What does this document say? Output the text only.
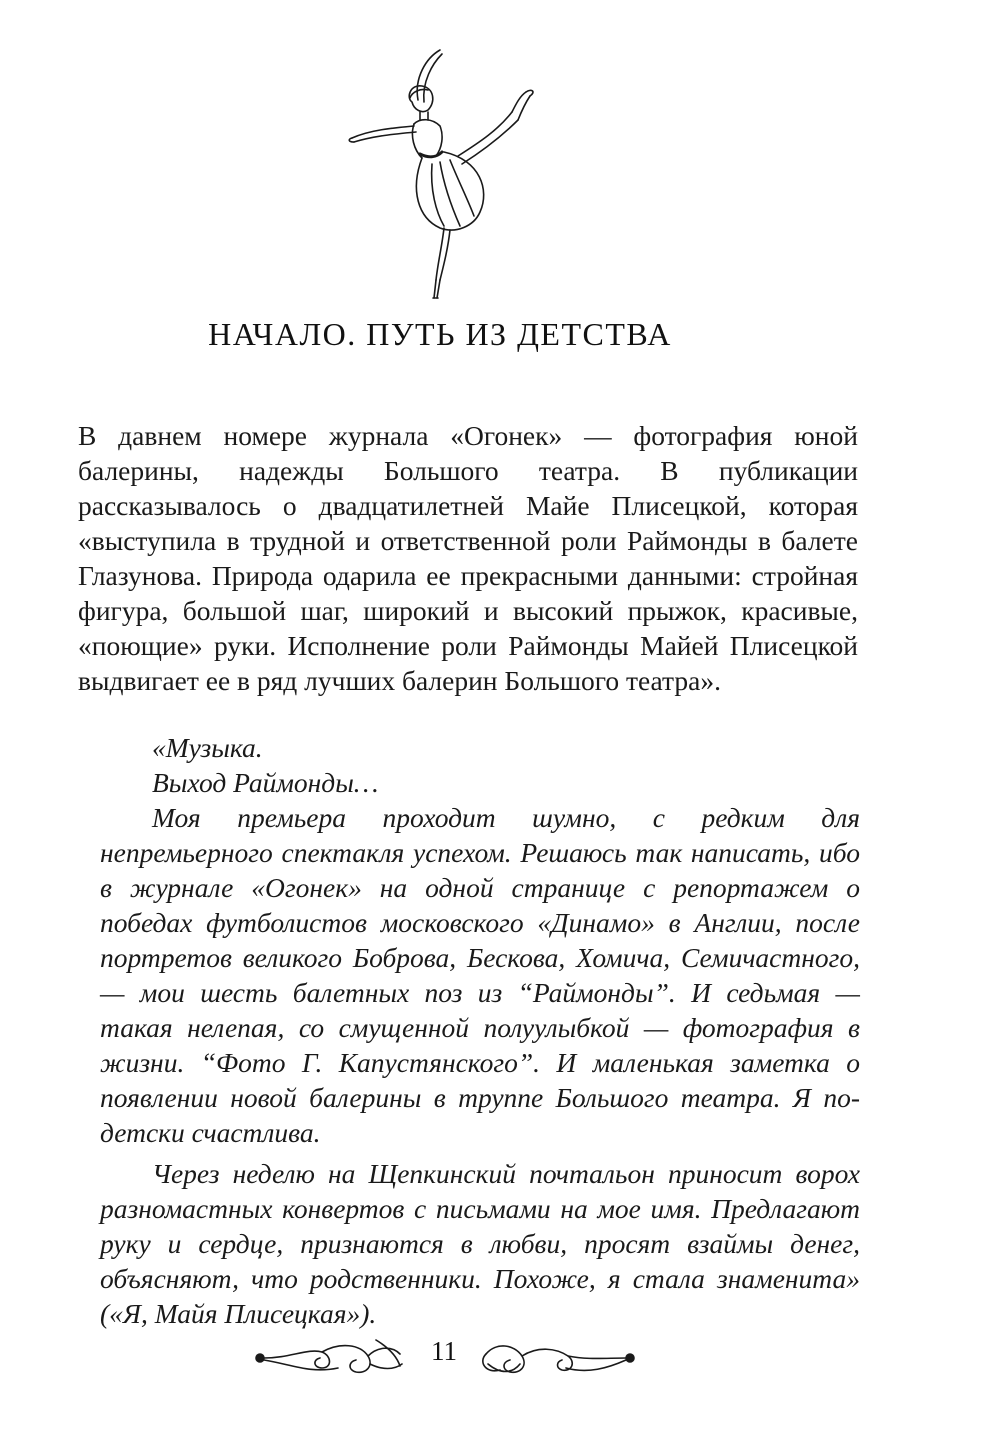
НАЧАЛО. ПУТЬ ИЗ ДЕТСТВА

В давнем номере журнала «Огонек» — фотография юной балерины, надежды Большого театра. В публикации рассказывалось о двадцатилетней Майе Плисецкой, которая «выступила в трудной и ответственной роли Раймонды в балете Глазунова. Природа одарила ее прекрасными данными: стройная фигура, большой шаг, широкий и высокий прыжок, красивые, «поющие» руки. Исполнение роли Раймонды Майей Плисецкой выдвигает ее в ряд лучших балерин Большого театра».

«Музыка.

Выход Раймонды…

Моя премьера проходит шумно, с редким для непремьерного спектакля успехом. Решаюсь так написать, ибо в журнале «Огонек» на одной странице с репортажем о победах футболистов московского «Динамо» в Англии, после портретов великого Боброва, Бескова, Хомича, Семичастного, — мои шесть балетных поз из “Раймонды”. И седьмая — такая нелепая, со смущенной полуулыбкой — фотография в жизни. “Фото Г. Капустянского”. И маленькая заметка о появлении новой балерины в труппе Большого театра. Я по-детски счастлива.

Через неделю на Щепкинский почтальон приносит ворох разномастных конвертов с письмами на мое имя. Предлагают руку и сердце, признаются в любви, просят взаймы денег, объясняют, что родственники. Похоже, я стала знаменита» («Я, Майя Плисецкая»).

11
